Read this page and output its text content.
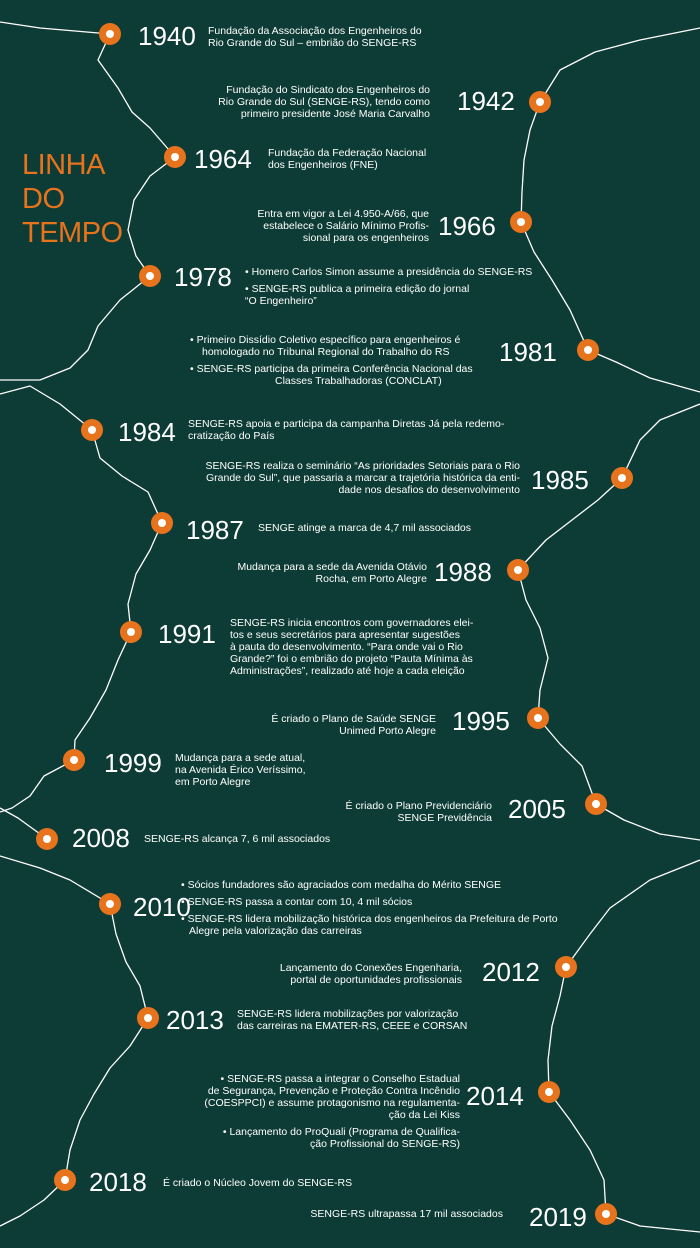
LINHA
DO
TEMPO
1940
1942
1964
1966
1978
1981
1984
1985
1987
1988
1991
1995
1999
2005
2008
2010
2012
2013
2014
2018
2019
Fundação da Associação dos Engenheiros do
Rio Grande do Sul – embrião do SENGE-RS
Fundação do Sindicato dos Engenheiros do
Rio Grande do Sul (SENGE-RS), tendo como
primeiro presidente José Maria Carvalho
Fundação da Federação Nacional
dos Engenheiros (FNE)
Entra em vigor a Lei 4.950-A/66, que
estabelece o Salário Mínimo Profis-
sional para os engenheiros
• Homero Carlos Simon assume a presidência do SENGE-RS
• SENGE-RS publica a primeira edição do jornal
“O Engenheiro”
• Primeiro Dissídio Coletivo específico para engenheiros é
homologado no Tribunal Regional do Trabalho do RS
• SENGE-RS participa da primeira Conferência Nacional das
Classes Trabalhadoras (CONCLAT)
SENGE-RS apoia e participa da campanha Diretas Já pela redemo-
cratização do País
SENGE-RS realiza o seminário “As prioridades Setoriais para o Rio
Grande do Sul”, que passaria a marcar a trajetória histórica da enti-
dade nos desafios do desenvolvimento
SENGE atinge a marca de 4,7 mil associados
Mudança para a sede da Avenida Otávio
Rocha, em Porto Alegre
SENGE-RS inicia encontros com governadores elei-
tos e seus secretários para apresentar sugestões
à pauta do desenvolvimento. “Para onde vai o Rio
Grande?” foi o embrião do projeto “Pauta Mínima às
Administrações”, realizado até hoje a cada eleição
É criado o Plano de Saúde SENGE
Unimed Porto Alegre
Mudança para a sede atual,
na Avenida Érico Veríssimo,
em Porto Alegre
É criado o Plano Previdenciário
SENGE Previdência
SENGE-RS alcança 7, 6 mil associados
• Sócios fundadores são agraciados com medalha do Mérito SENGE
• SENGE-RS passa a contar com 10, 4 mil sócios
• SENGE-RS lidera mobilização histórica dos engenheiros da Prefeitura de Porto
Alegre pela valorização das carreiras
Lançamento do Conexões Engenharia,
portal de oportunidades profissionais
SENGE-RS lidera mobilizações por valorização
das carreiras na EMATER-RS, CEEE e CORSAN
• SENGE-RS passa a integrar o Conselho Estadual
de Segurança, Prevenção e Proteção Contra Incêndio
(COESPPCI) e assume protagonismo na regulamenta-
ção da Lei Kiss
• Lançamento do ProQuali (Programa de Qualifica-
ção Profissional do SENGE-RS)
É criado o Núcleo Jovem do SENGE-RS
SENGE-RS ultrapassa 17 mil associados
